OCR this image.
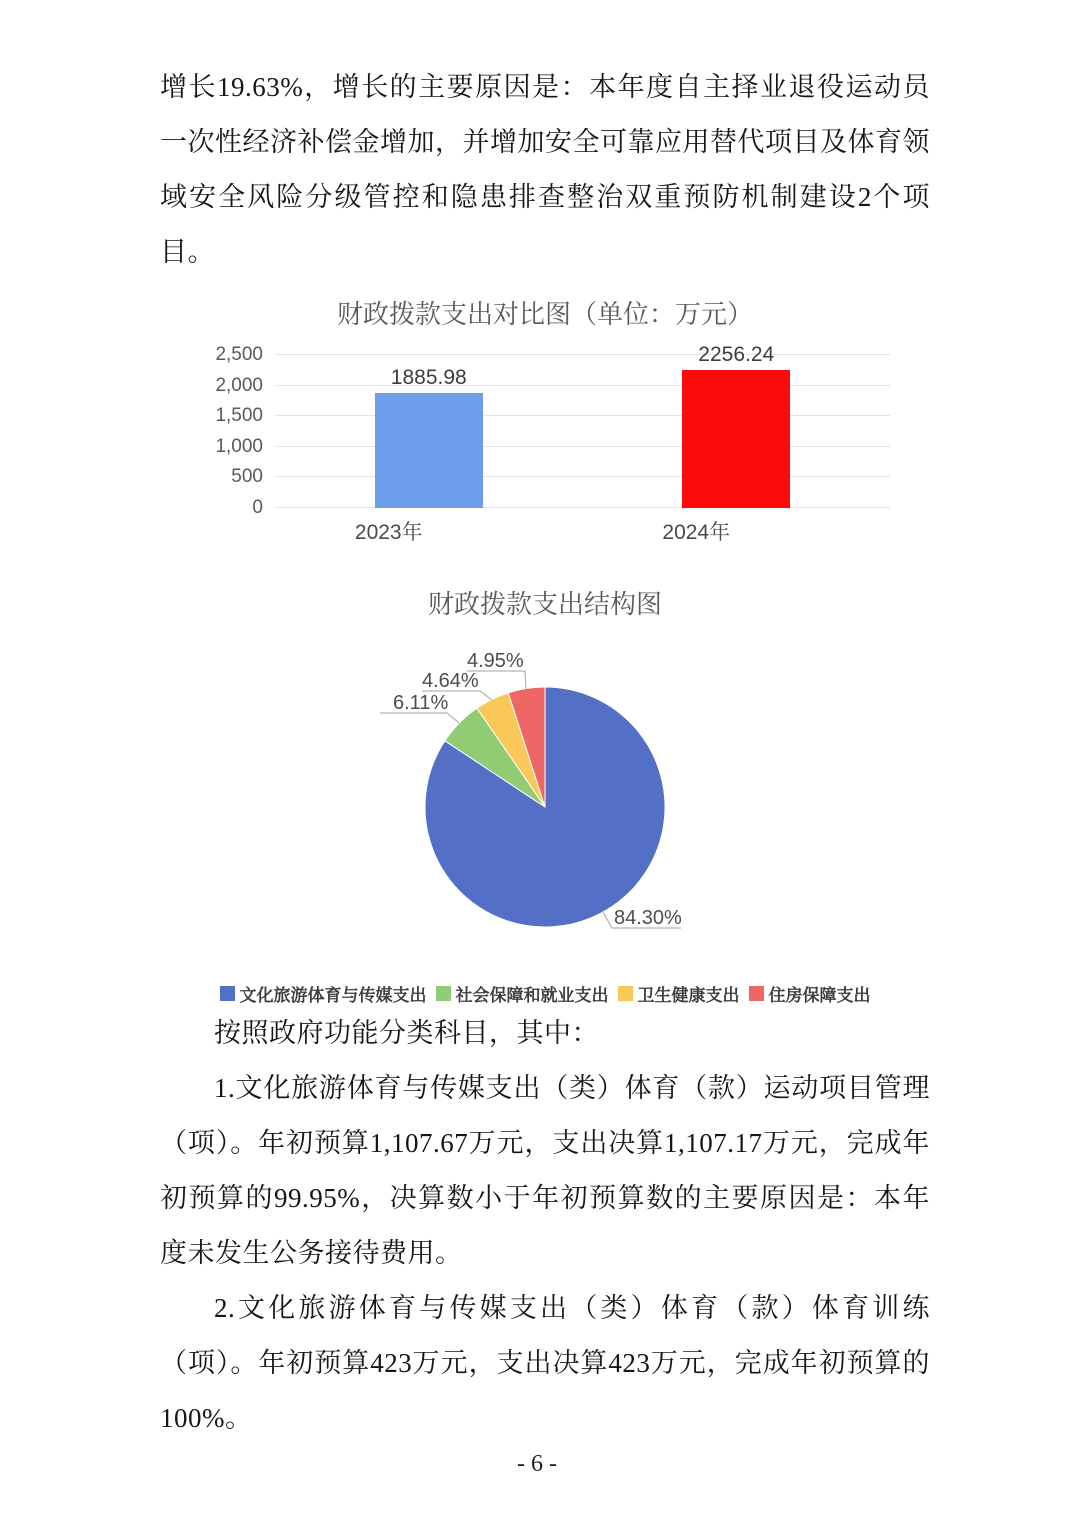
增长19.63%，增长的主要原因是：本年度自主择业退役运动员一次性经济补偿金增加，并增加安全可靠应用替代项目及体育领域安全风险分级管控和隐患排查整治双重预防机制建设2个项目。

财政拨款支出对比图（单位：万元）
0
500
1,000
1,500
2,000
2,500
1885.98
2256.24
2023年	2024年
财政拨款支出结构图
6.11%
4.64%
4.95%
84.30%
文化旅游体育与传媒支出 社会保障和就业支出 卫生健康支出 住房保障支出

按照政府功能分类科目，其中：

1.文化旅游体育与传媒支出（类）体育（款）运动项目管理（项）。年初预算1,107.67万元，支出决算1,107.17万元，完成年初预算的99.95%，决算数小于年初预算数的主要原因是：本年度未发生公务接待费用。

2.文化旅游体育与传媒支出（类）体育（款）体育训练（项）。年初预算423万元，支出决算423万元，完成年初预算的100%。

- 6 -
